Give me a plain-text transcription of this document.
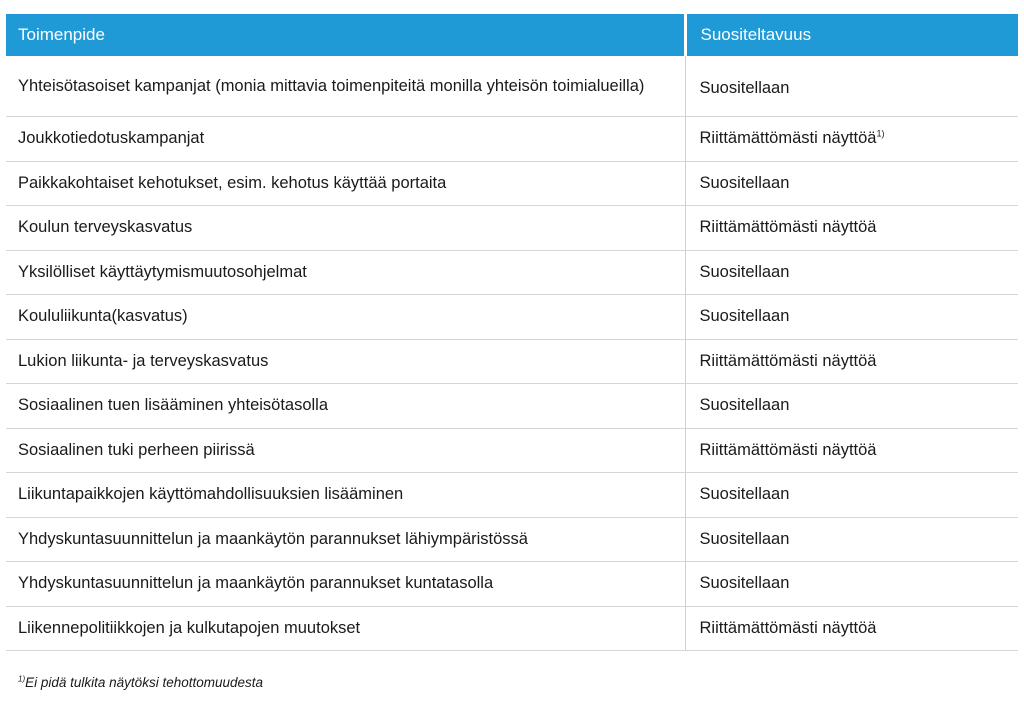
Toimenpide	Suositeltavuus
Yhteisötasoiset kampanjat (monia mittavia toimenpiteitä monilla yhteisön toimialueilla)	Suositellaan
Joukkotiedotuskampanjat	Riittämättömästi näyttöä$^{1)}$
Paikkakohtaiset kehotukset, esim. kehotus käyttää portaita	Suositellaan
Koulun terveyskasvatus	Riittämättömästi näyttöä
Yksilölliset käyttäytymismuutosohjelmat	Suositellaan
Koululiikunta(kasvatus)	Suositellaan
Lukion liikunta- ja terveyskasvatus	Riittämättömästi näyttöä
Sosiaalinen tuen lisääminen yhteisötasolla	Suositellaan
Sosiaalinen tuki perheen piirissä	Riittämättömästi näyttöä
Liikuntapaikkojen käyttömahdollisuuksien lisääminen	Suositellaan
Yhdyskuntasuunnittelun ja maankäytön parannukset lähiympäristössä	Suositellaan
Yhdyskuntasuunnittelun ja maankäytön parannukset kuntatasolla	Suositellaan
Liikennepolitiikkojen ja kulkutapojen muutokset	Riittämättömästi näyttöä
$^{1)}$Ei pidä tulkita näytöksi tehottomuudesta
